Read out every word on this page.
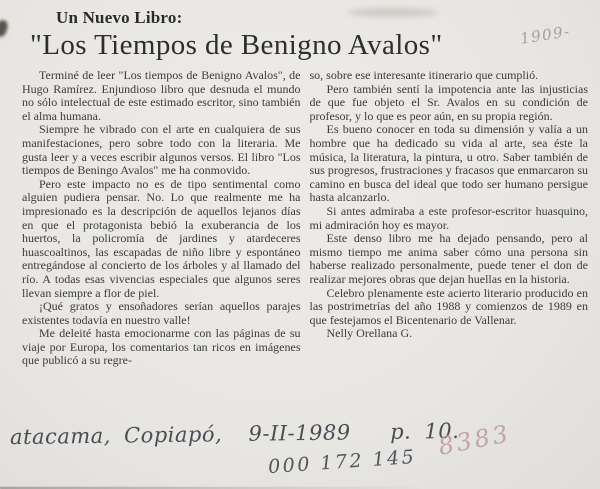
Un Nuevo Libro:
"Los Tiempos de Benigno Avalos"	1909-

Terminé de leer "Los tiempos de Benigno Avalos", de Hugo Ramírez. Enjundioso libro que desnuda el mundo no sólo intelectual de este estimado escritor, sino también el alma humana.

Siempre he vibrado con el arte en cualquiera de sus manifestaciones, pero sobre todo con la literaria. Me gusta leer y a veces escribir algunos versos. El libro "Los tiempos de Beningo Avalos" me ha conmovido.

Pero este impacto no es de tipo sentimental como alguien pudiera pensar. No. Lo que realmente me ha impresionado es la descripción de aquellos lejanos días en que el protagonista bebió la exuberancia de los huertos, la policromía de jardines y atardeceres huascoaltinos, las escapadas de niño libre y espontáneo entregándose al concierto de los árboles y al llamado del río. A todas esas vivencias especiales que algunos seres llevan siempre a flor de piel.

¡Qué gratos y ensoñadores serían aquellos parajes existentes todavía en nuestro valle!

Me deleité hasta emocionarme con las páginas de su viaje por Europa, los comentarios tan ricos en imágenes que publicó a su regre-

so, sobre ese interesante itinerario que cumplió.

Pero también sentí la impotencia ante las injusticias de que fue objeto el Sr. Avalos en su condición de profesor, y lo que es peor aún, en su propia región.

Es bueno conocer en toda su dimensión y valía a un hombre que ha dedicado su vida al arte, sea éste la música, la literatura, la pintura, u otro. Saber también de sus progresos, frustraciones y fracasos que enmarcaron su camino en busca del ideal que todo ser humano persigue hasta alcanzarlo.

Si antes admiraba a este profesor-escritor huasquino, mi admiración hoy es mayor.

Este denso libro me ha dejado pensando, pero al mismo tiempo me anima saber cómo una persona sin haberse realizado personalmente, puede tener el don de realizar mejores obras que dejan huellas en la historia.

Celebro plenamente este acierto literario producido en las postrimetrías del año 1988 y comienzos de 1989 en que festejamos el Bicentenario de Vallenar.

Nelly Orellana G.

atacama, Copiapó,  9-II-1989   p. 10.
8383
000 172 145
